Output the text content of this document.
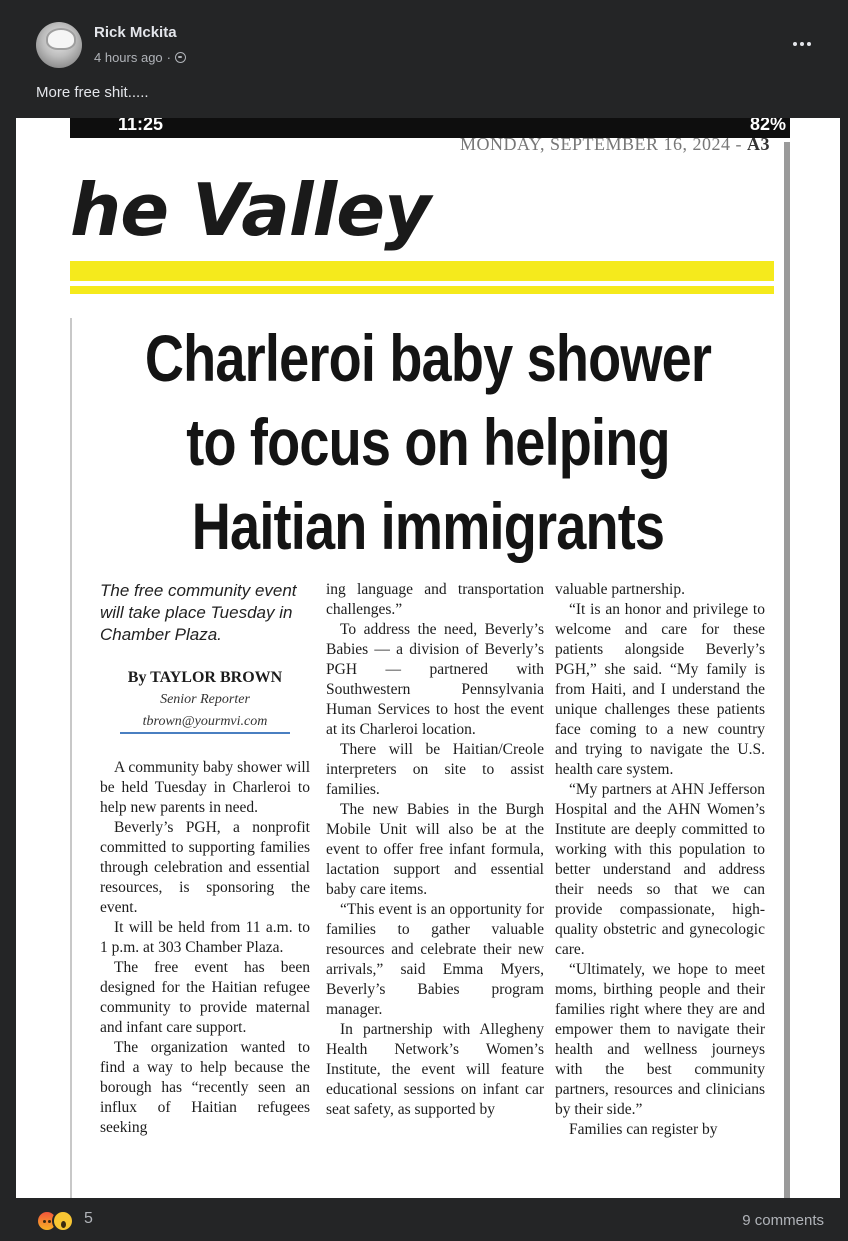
Rick Mckita
4 hours ago ·
More free shit.....
11:25	82%
MONDAY, SEPTEMBER 16, 2024 - A3
he Valley
Charleroi baby shower to focus on helping Haitian immigrants
The free community event will take place Tuesday in Chamber Plaza.
By TAYLOR BROWN
Senior Reporter
tbrown@yourmvi.com

A community baby shower will be held Tuesday in Charleroi to help new parents in need.

Beverly’s PGH, a nonprofit committed to supporting families through celebration and essential resources, is sponsoring the event.

It will be held from 11 a.m. to 1 p.m. at 303 Chamber Plaza.

The free event has been designed for the Haitian refugee community to provide maternal and infant care support.

The organization wanted to find a way to help because the borough has “recently seen an influx of Haitian refugees seeking

ing language and transportation challenges.”

To address the need, Beverly’s Babies — a division of Beverly’s PGH — partnered with Southwestern Pennsylvania Human Services to host the event at its Charleroi location.

There will be Haitian/Creole interpreters on site to assist families.

The new Babies in the Burgh Mobile Unit will also be at the event to offer free infant formula, lactation support and essential baby care items.

“This event is an opportunity for families to gather valuable resources and celebrate their new arrivals,” said Emma Myers, Beverly’s Babies program manager.

In partnership with Allegheny Health Network’s Women’s Institute, the event will feature educational sessions on infant car seat safety, as supported by

valuable partnership.

“It is an honor and privilege to welcome and care for these patients alongside Beverly’s PGH,” she said. “My family is from Haiti, and I understand the unique challenges these patients face coming to a new country and trying to navigate the U.S. health care system.

“My partners at AHN Jefferson Hospital and the AHN Women’s Institute are deeply committed to working with this population to better understand and address their needs so that we can provide compassionate, high-quality obstetric and gynecologic care.

“Ultimately, we hope to meet moms, birthing people and their families right where they are and empower them to navigate their health and wellness journeys with the best community partners, resources and clinicians by their side.”

Families can register by

5	9 comments
